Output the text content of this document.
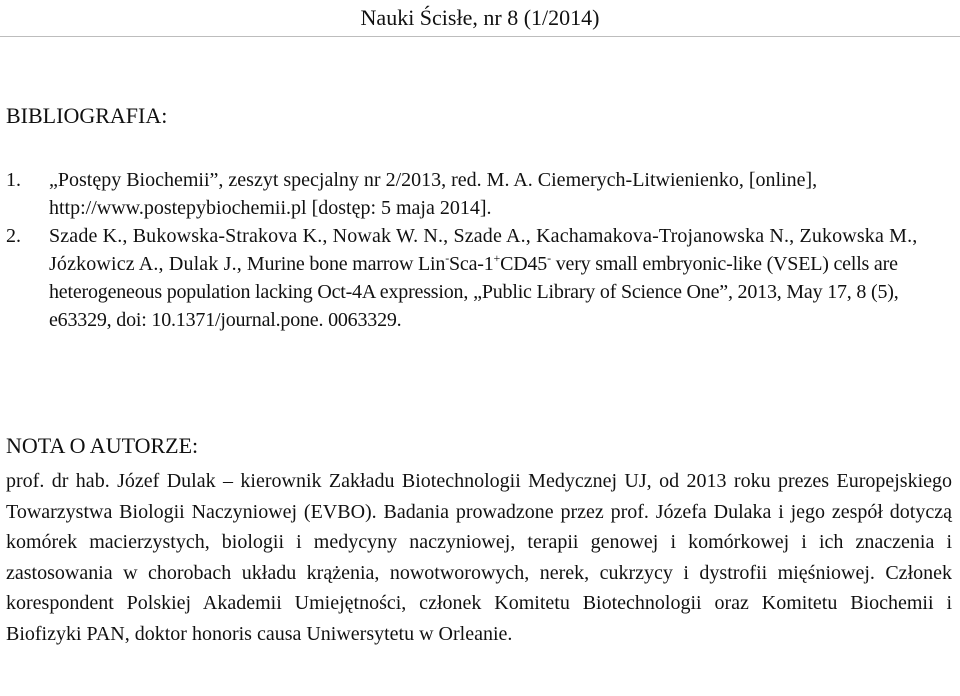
Nauki Ścisłe, nr 8 (1/2014)
BIBLIOGRAFIA:
1.	„Postępy Biochemii”, zeszyt specjalny nr 2/2013, red. M. A. Ciemerych-Litwienienko, [online], http://www.postepybiochemii.pl [dostęp: 5 maja 2014].
2.	Szade K., Bukowska-Strakova K., Nowak W. N., Szade A., Kachamakova-Trojanowska N., Zukowska M., Józkowicz A., Dulak J., Murine bone marrow Lin-Sca-1+CD45- very small embryonic-like (VSEL) cells are heterogeneous population lacking Oct-4A expression, „Public Library of Science One”, 2013, May 17, 8 (5), e63329, doi: 10.1371/journal.pone. 0063329.
NOTA O AUTORZE:
prof. dr hab. Józef Dulak – kierownik Zakładu Biotechnologii Medycznej UJ, od 2013 roku prezes Europejskiego Towarzystwa Biologii Naczyniowej (EVBO). Badania prowadzone przez prof. Józefa Dulaka i jego zespół dotyczą komórek macierzystych, biologii i medycyny naczyniowej, terapii genowej i komórkowej i ich znaczenia i zastosowania w chorobach układu krążenia, nowotworowych, nerek, cukrzycy i dystrofii mięśniowej. Członek korespondent Polskiej Akademii Umiejętności, członek Komitetu Biotechnologii oraz Komitetu Biochemii i Biofizyki PAN, doktor honoris causa Uniwersytetu w Orleanie.
